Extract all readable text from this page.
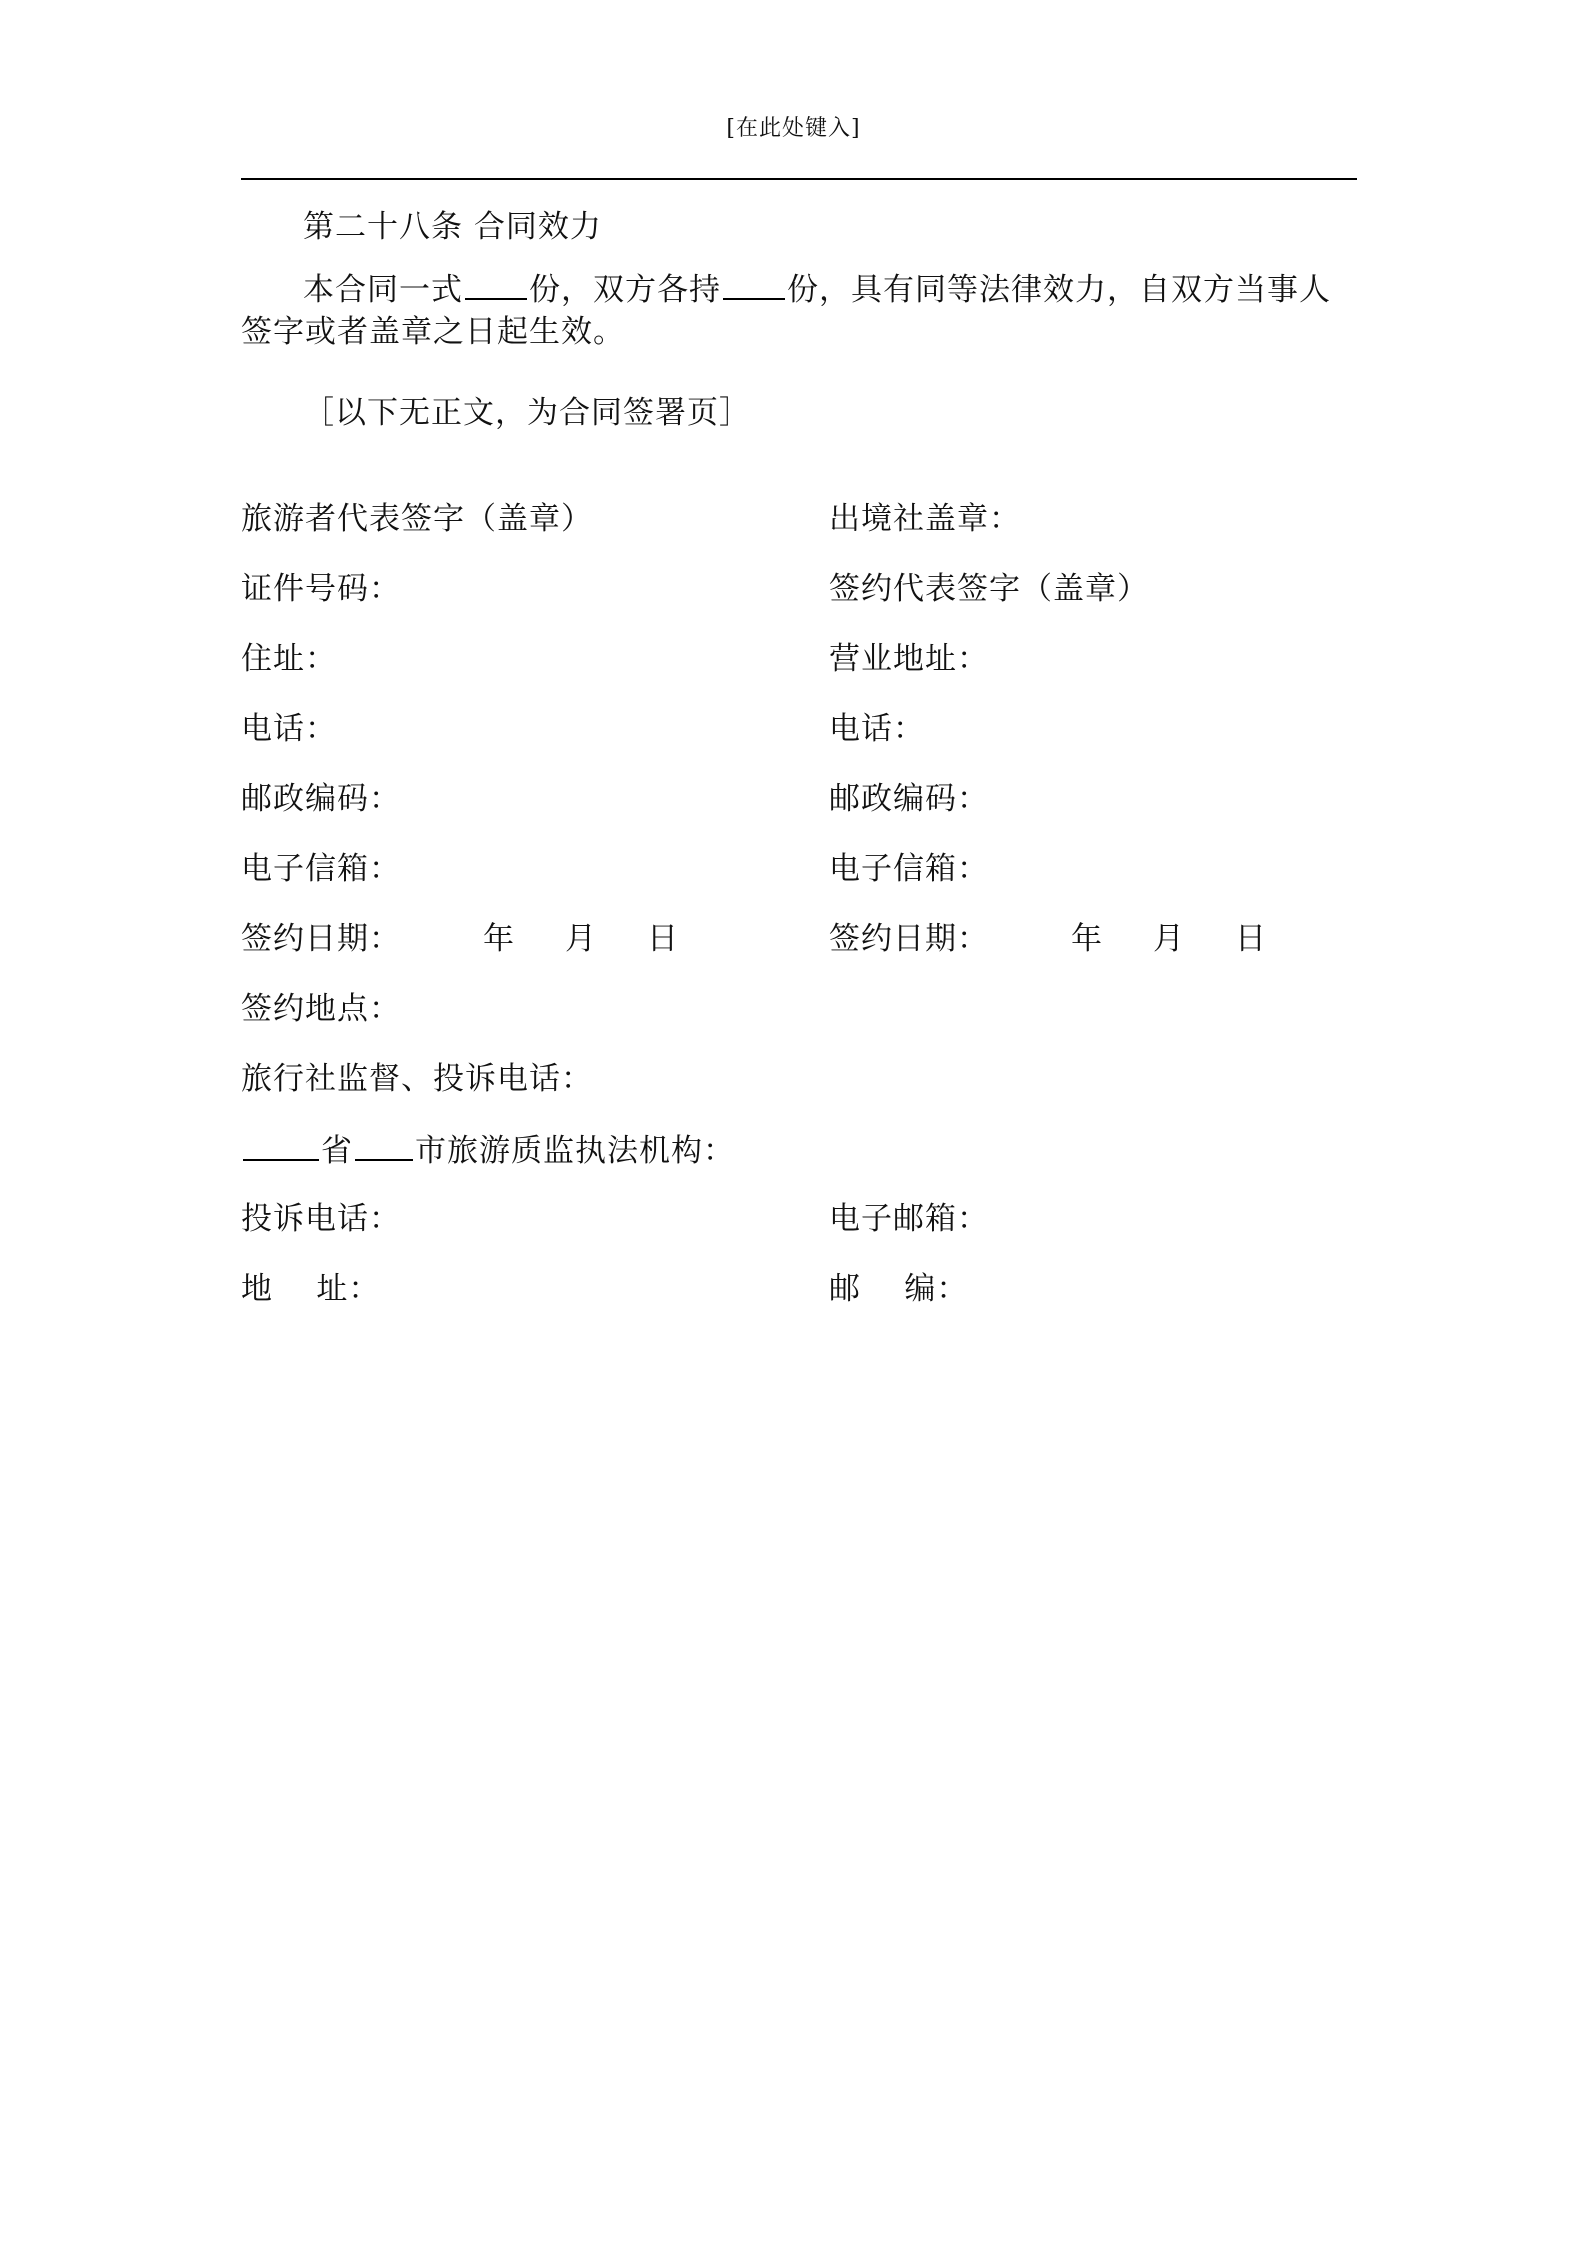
[在此处键入]
第二十八条 合同效力
本合同一式 份，双方各持 份，具有同等法律效力，自双方当事人签字或者盖章之日起生效。
［以下无正文，为合同签署页］
旅游者代表签字（盖章）	出境社盖章：
证件号码：	签约代表签字（盖章）
住址：	营业地址：
电话：	电话：
邮政编码：	邮政编码：
电子信箱：	电子信箱：
签约日期：	年 月 日	签约日期：	年 月 日
签约地点：
旅行社监督、投诉电话：
省 市旅游质监执法机构：
投诉电话：	电子邮箱：
地    址：	邮    编：
